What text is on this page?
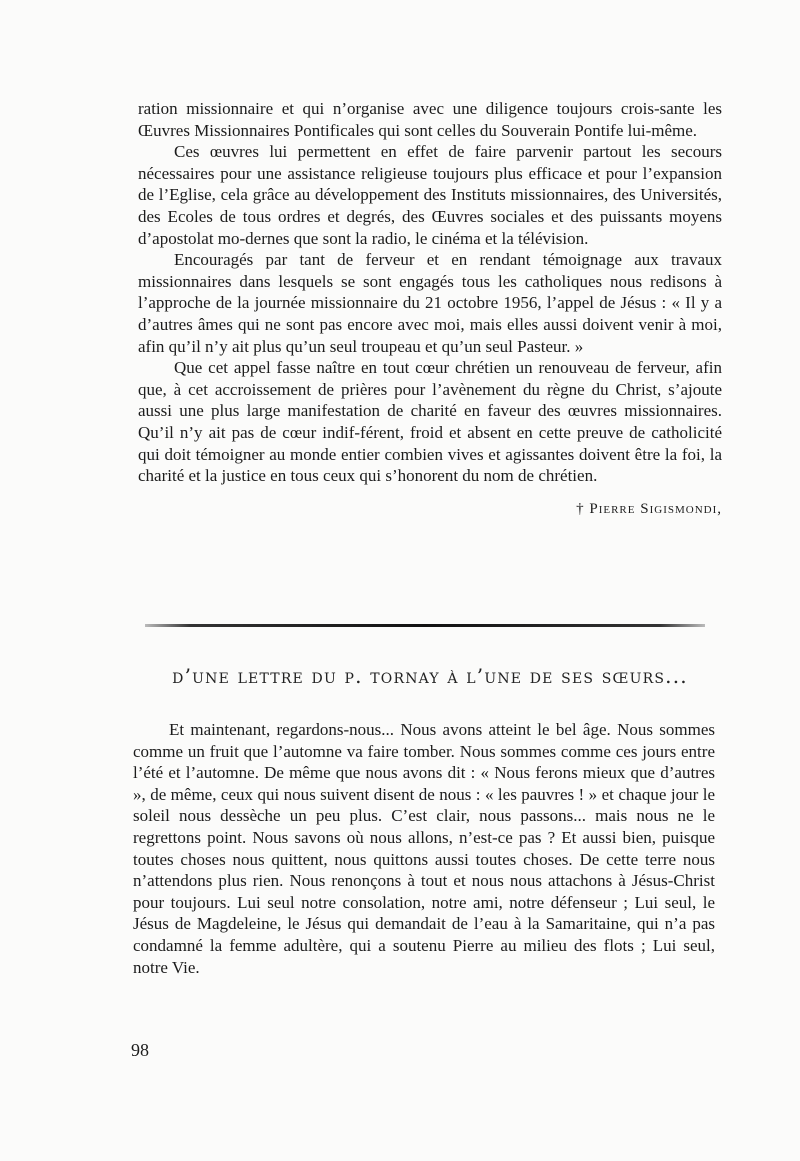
ration missionnaire et qui n’organise avec une diligence toujours crois-sante les Œuvres Missionnaires Pontificales qui sont celles du Souverain Pontife lui-même.

Ces œuvres lui permettent en effet de faire parvenir partout les secours nécessaires pour une assistance religieuse toujours plus efficace et pour l’expansion de l’Eglise, cela grâce au développement des Instituts missionnaires, des Universités, des Ecoles de tous ordres et degrés, des Œuvres sociales et des puissants moyens d’apostolat mo-dernes que sont la radio, le cinéma et la télévision.

Encouragés par tant de ferveur et en rendant témoignage aux travaux missionnaires dans lesquels se sont engagés tous les catholiques nous redisons à l’approche de la journée missionnaire du 21 octobre 1956, l’appel de Jésus : « Il y a d’autres âmes qui ne sont pas encore avec moi, mais elles aussi doivent venir à moi, afin qu’il n’y ait plus qu’un seul troupeau et qu’un seul Pasteur. »

Que cet appel fasse naître en tout cœur chrétien un renouveau de ferveur, afin que, à cet accroissement de prières pour l’avènement du règne du Christ, s’ajoute aussi une plus large manifestation de charité en faveur des œuvres missionnaires. Qu’il n’y ait pas de cœur indif-férent, froid et absent en cette preuve de catholicité qui doit témoigner au monde entier combien vives et agissantes doivent être la foi, la charité et la justice en tous ceux qui s’honorent du nom de chrétien.

† Pierre Sigismondi,
d’une lettre du p. tornay à l’une de ses sœurs...

Et maintenant, regardons-nous... Nous avons atteint le bel âge. Nous sommes comme un fruit que l’automne va faire tomber. Nous sommes comme ces jours entre l’été et l’automne. De même que nous avons dit : « Nous ferons mieux que d’autres », de même, ceux qui nous suivent disent de nous : « les pauvres ! » et chaque jour le soleil nous dessèche un peu plus. C’est clair, nous passons... mais nous ne le regrettons point. Nous savons où nous allons, n’est-ce pas ? Et aussi bien, puisque toutes choses nous quittent, nous quittons aussi toutes choses. De cette terre nous n’attendons plus rien. Nous renonçons à tout et nous nous attachons à Jésus-Christ pour toujours. Lui seul notre consolation, notre ami, notre défenseur ; Lui seul, le Jésus de Magdeleine, le Jésus qui demandait de l’eau à la Samaritaine, qui n’a pas condamné la femme adultère, qui a soutenu Pierre au milieu des flots ; Lui seul, notre Vie.

98
